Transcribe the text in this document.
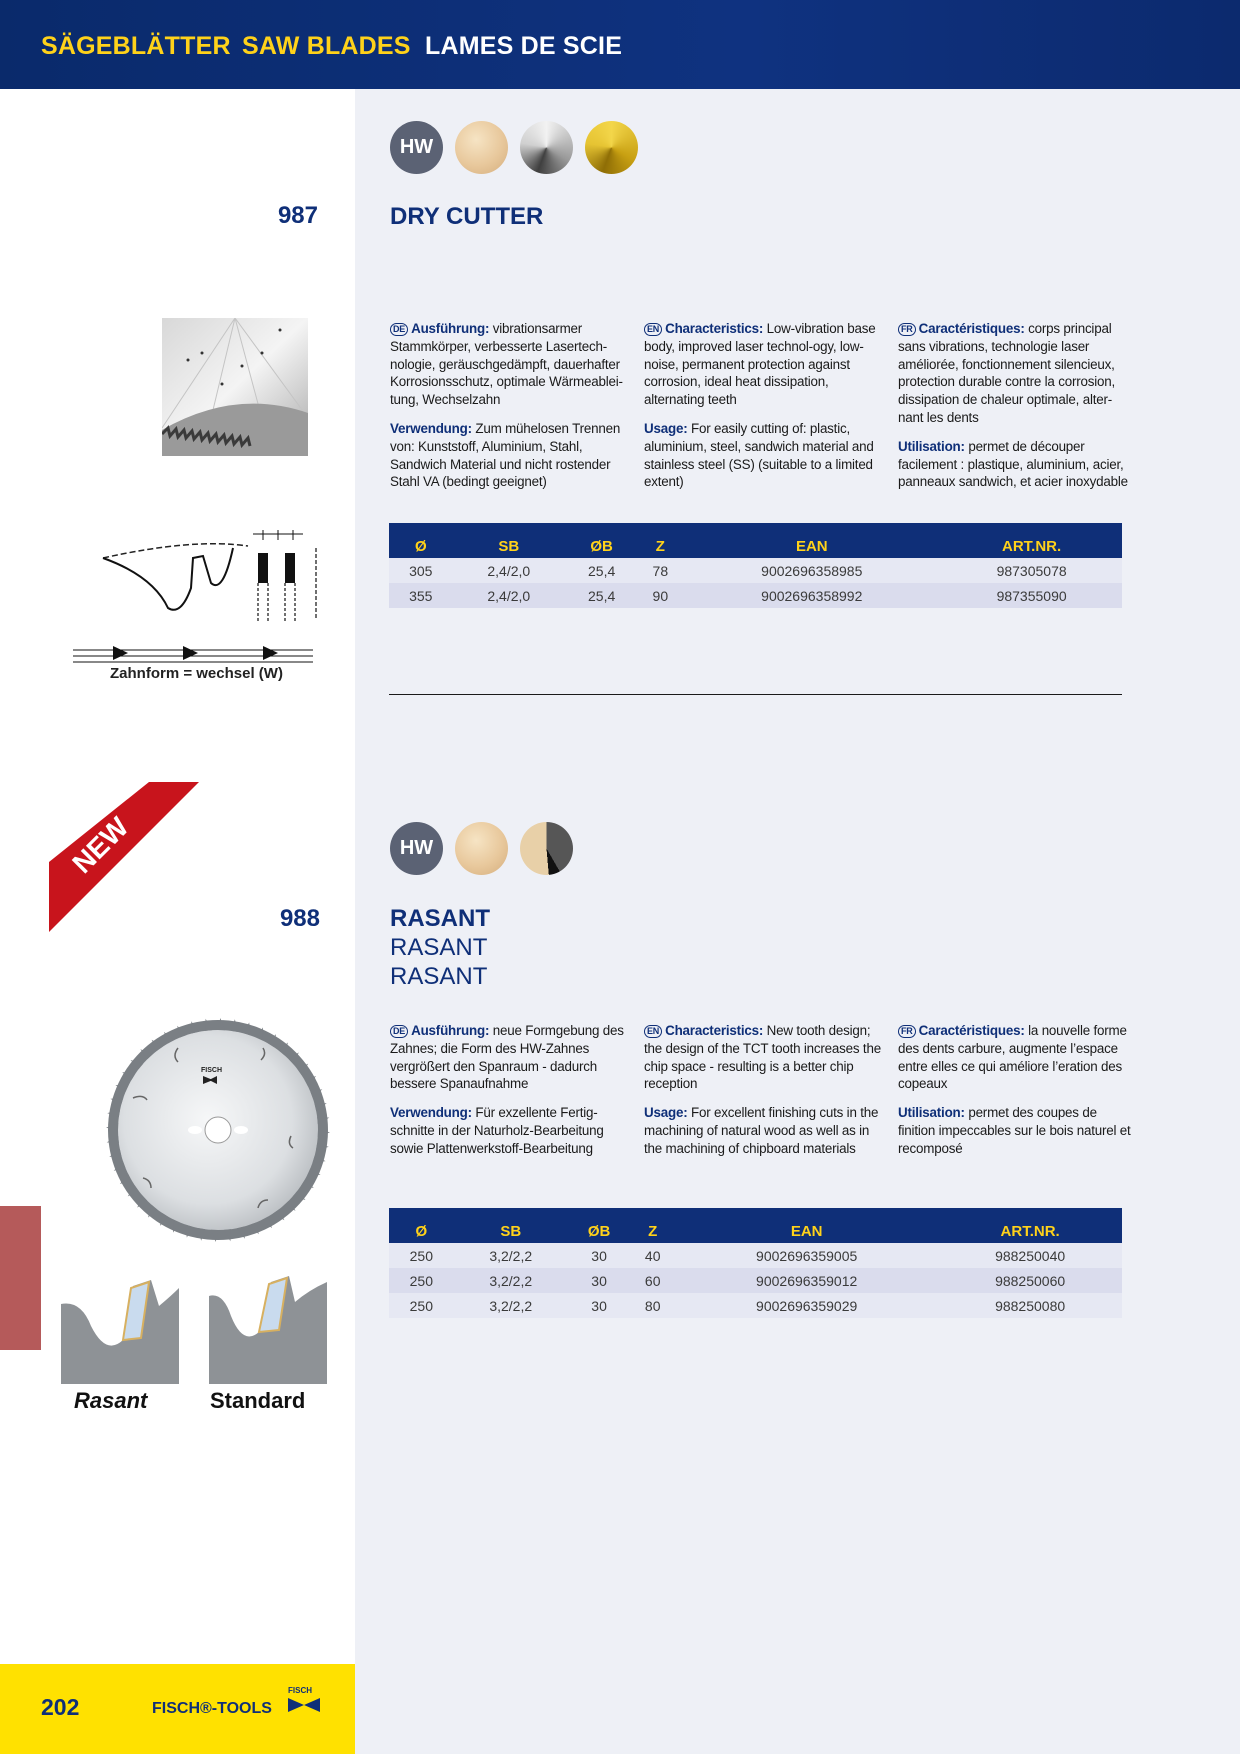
SÄGEBLÄTTER SAW BLADES LAMES DE SCIE
HW
987	DRY CUTTER
Zahnform = wechsel (W)

DE Ausführung: vibrationsarmer Stammkörper, verbesserte Lasertech-nologie, geräuschgedämpft, dauerhafter Korrosionsschutz, optimale Wärmeablei-tung, Wechselzahn

Verwendung: Zum mühelosen Trennen von: Kunststoff, Aluminium, Stahl, Sandwich Material und nicht rostender Stahl VA (bedingt geeignet)

EN Characteristics: Low-vibration base body, improved laser technol-ogy, low-noise, permanent protection against corrosion, ideal heat dissipation, alternating teeth

Usage: For easily cutting of: plastic, aluminium, steel, sandwich material and stainless steel (SS) (suitable to a limited extent)

FR Caractéristiques: corps principal sans vibrations, technologie laser améliorée, fonctionnement silencieux, protection durable contre la corrosion, dissipation de chaleur optimale, alter-nant les dents

Utilisation: permet de découper facilement : plastique, aluminium, acier, panneaux sandwich, et acier inoxydable

Ø	SB	ØB	Z	EAN	ART.NR.
305	2,4/2,0	25,4	78	9002696358985	987305078
355	2,4/2,0	25,4	90	9002696358992	987355090
NEW	HW
988	RASANT
RASANT
RASANT
FISCH
Rasant	Standard

DE Ausführung: neue Formgebung des Zahnes; die Form des HW-Zahnes vergrößert den Spanraum - dadurch bessere Spanaufnahme

Verwendung: Für exzellente Fertig-schnitte in der Naturholz-Bearbeitung sowie Plattenwerkstoff-Bearbeitung

EN Characteristics: New tooth design; the design of the TCT tooth increases the chip space - resulting is a better chip reception

Usage: For excellent finishing cuts in the machining of natural wood as well as in the machining of chipboard materials

FR Caractéristiques: la nouvelle forme des dents carbure, augmente l’espace entre elles ce qui améliore l’eration des copeaux

Utilisation: permet des coupes de finition impeccables sur le bois naturel et recomposé

Ø	SB	ØB	Z	EAN	ART.NR.
250	3,2/2,2	30	40	9002696359005	988250040
250	3,2/2,2	30	60	9002696359012	988250060
250	3,2/2,2	30	80	9002696359029	988250080
202	FISCH®-TOOLS
FISCH
